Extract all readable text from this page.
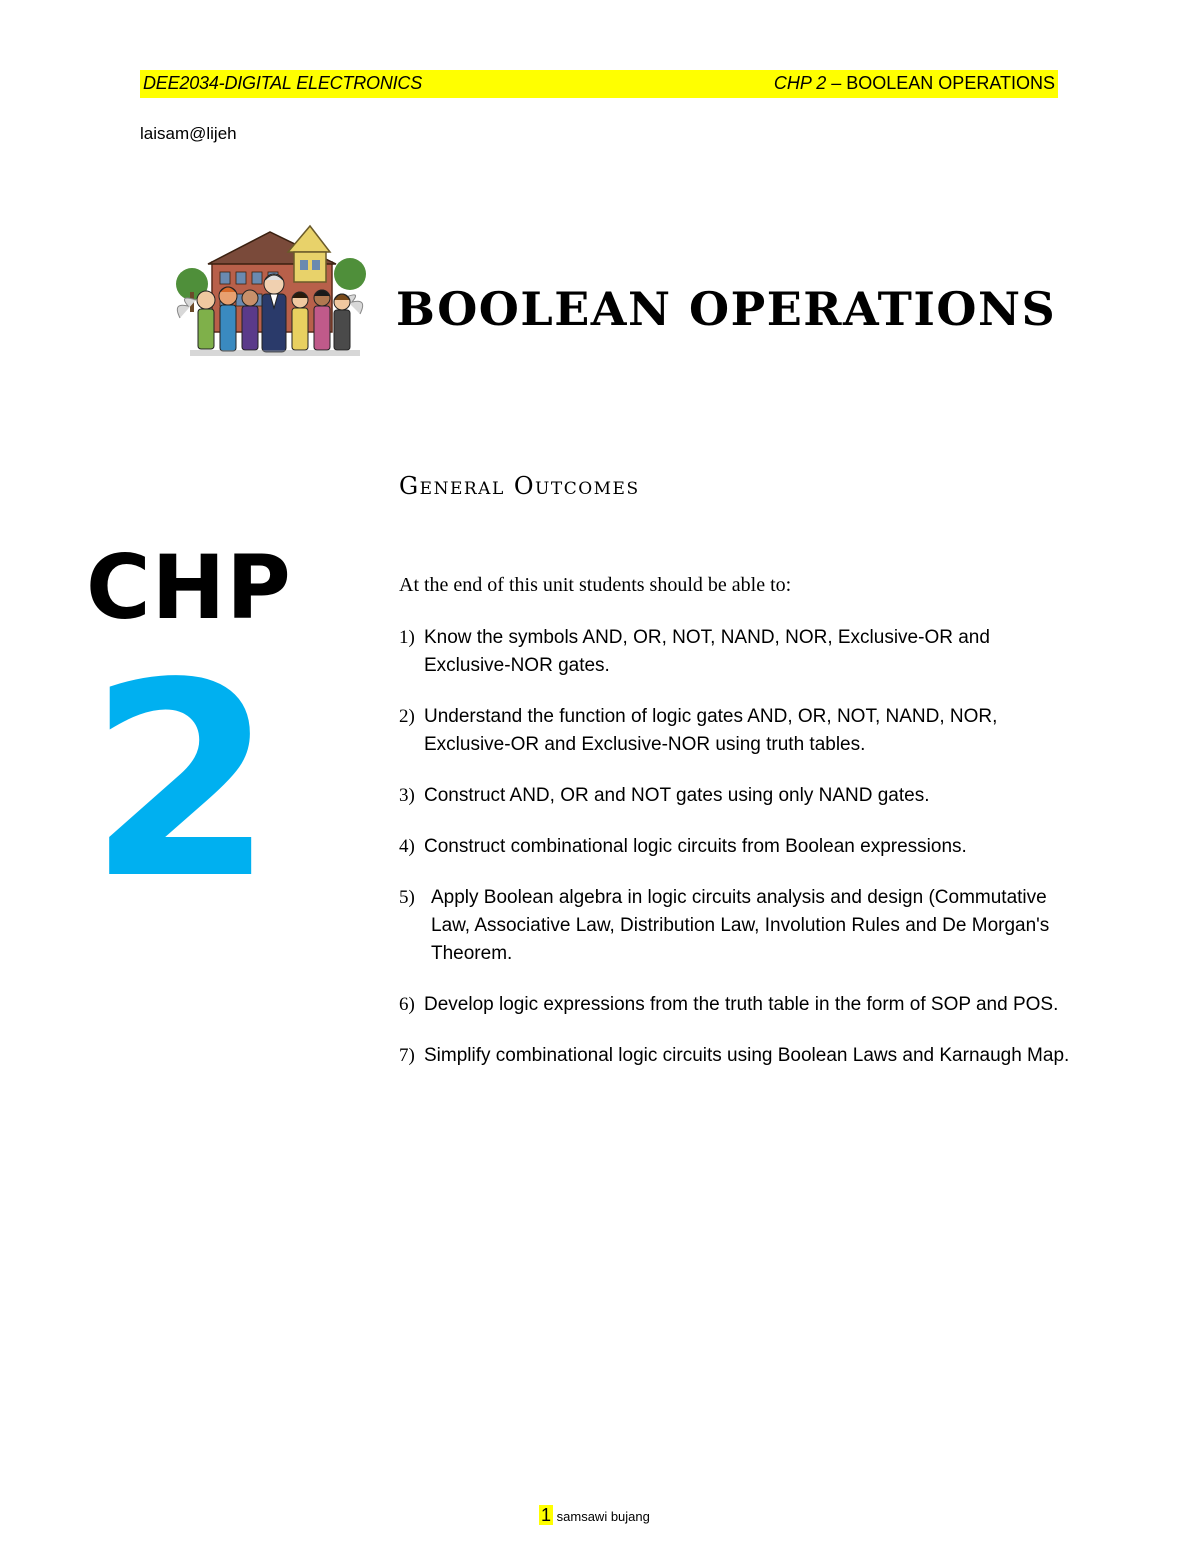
DEE2034-DIGITAL ELECTRONICS	CHP 2 – BOOLEAN OPERATIONS
laisam@lijeh
BOOLEAN OPERATIONS
CHP
2
General Outcomes
At the end of this unit students should be able to:
1) Know the symbols AND, OR, NOT, NAND, NOR, Exclusive-OR and Exclusive-NOR gates.
2) Understand the function of logic gates AND, OR, NOT, NAND, NOR, Exclusive-OR and Exclusive-NOR using truth tables.
3) Construct AND, OR and NOT gates using only NAND gates.
4) Construct combinational logic circuits from Boolean expressions.
5) Apply Boolean algebra in logic circuits analysis and design (Commutative Law, Associative Law, Distribution Law, Involution Rules and De Morgan's Theorem.
6) Develop logic expressions from the truth table in the form of SOP and POS.
7) Simplify combinational logic circuits using Boolean Laws and Karnaugh Map.
1 samsawi bujang
